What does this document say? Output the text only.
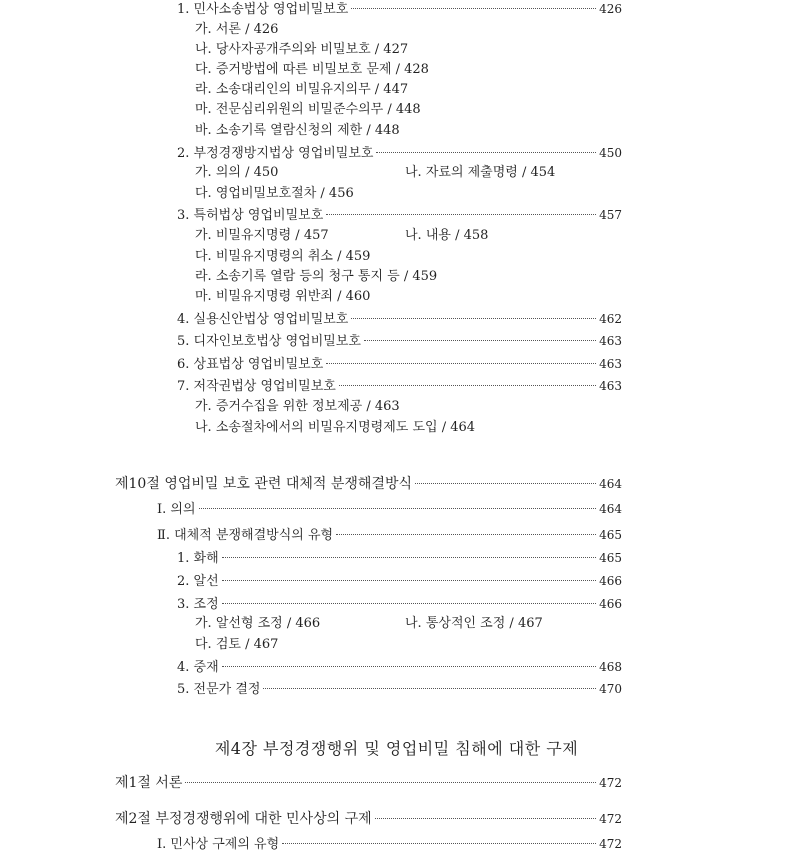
1. 민사소송법상 영업비밀보호	426
가. 서론 / 426
나. 당사자공개주의와 비밀보호 / 427
다. 증거방법에 따른 비밀보호 문제 / 428
라. 소송대리인의 비밀유지의무 / 447
마. 전문심리위원의 비밀준수의무 / 448
바. 소송기록 열람신청의 제한 / 448
2. 부정경쟁방지법상 영업비밀보호	450
가. 의의 / 450	나. 자료의 제출명령 / 454
다. 영업비밀보호절차 / 456
3. 특허법상 영업비밀보호	457
가. 비밀유지명령 / 457	나. 내용 / 458
다. 비밀유지명령의 취소 / 459
라. 소송기록 열람 등의 청구 통지 등 / 459
마. 비밀유지명령 위반죄 / 460
4. 실용신안법상 영업비밀보호	462
5. 디자인보호법상 영업비밀보호	463
6. 상표법상 영업비밀보호	463
7. 저작권법상 영업비밀보호	463
가. 증거수집을 위한 정보제공 / 463
나. 소송절차에서의 비밀유지명령제도 도입 / 464
제10절 영업비밀 보호 관련 대체적 분쟁해결방식	464
Ⅰ. 의의	464
Ⅱ. 대체적 분쟁해결방식의 유형	465
1. 화해	465
2. 알선	466
3. 조정	466
가. 알선형 조정 / 466	나. 통상적인 조정 / 467
다. 검토 / 467
4. 중재	468
5. 전문가 결정	470
제4장 부정경쟁행위 및 영업비밀 침해에 대한 구제
제1절 서론	472
제2절 부정경쟁행위에 대한 민사상의 구제	472
Ⅰ. 민사상 구제의 유형	472
